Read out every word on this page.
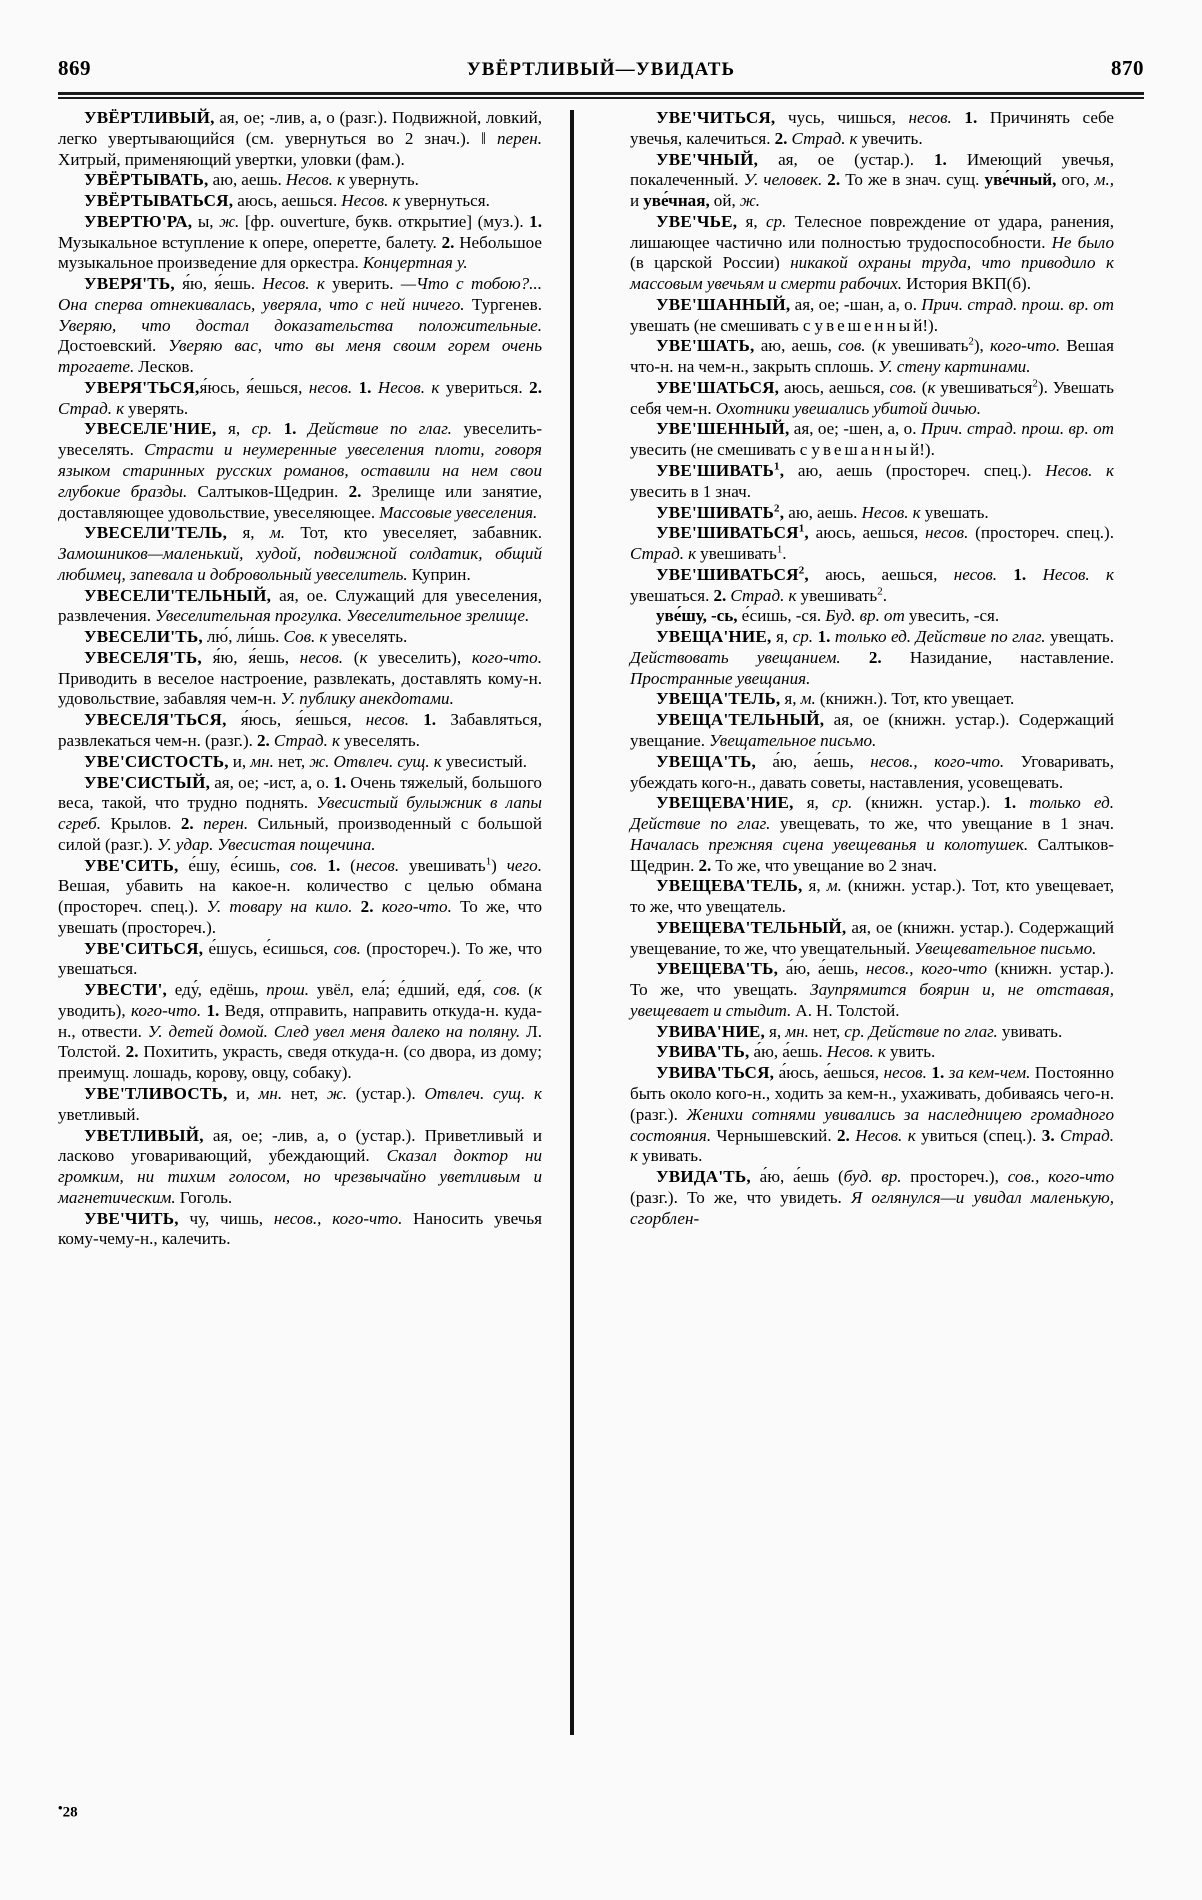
869	УВЁРТЛИВЫЙ—УВИДАТЬ	870

УВЁРТЛИВЫЙ, ая, ое; -лив, а, о (разг.). Подвижной, ловкий, легко увертывающийся (см. увернуться во 2 знач.). ‖ перен. Хитрый, применяющий увертки, уловки (фам.).

УВЁРТЫВАТЬ, аю, аешь. Несов. к увернуть.

УВЁРТЫВАТЬСЯ, аюсь, аешься. Несов. к увернуться.

УВЕРТЮ'РА, ы, ж. [фр. ouverture, букв. открытие] (муз.). 1. Музыкальное вступление к опере, оперетте, балету. 2. Небольшое музыкальное произведение для оркестра. Концертная у.

УВЕРЯ'ТЬ, я́ю, я́ешь. Несов. к уверить. —Что с тобою?... Она сперва отнекивалась, уверяла, что с ней ничего. Тургенев. Уверяю, что достал доказательства положительные. Достоевский. Уверяю вас, что вы меня своим горем очень трогаете. Лесков.

УВЕРЯ'ТЬСЯ,я́юсь, я́ешься, несов. 1. Несов. к увериться. 2. Страд. к уверять.

УВЕСЕЛЕ'НИЕ, я, ср. 1. Действие по глаг. увеселить-увеселять. Страсти и неумеренные увеселения плоти, говоря языком старинных русских романов, оставили на нем свои глубокие бразды. Салтыков-Щедрин. 2. Зрелище или занятие, доставляющее удовольствие, увеселяющее. Массовые увеселения.

УВЕСЕЛИ'ТЕЛЬ, я, м. Тот, кто увеселяет, забавник. Замошников—маленький, худой, подвижной солдатик, общий любимец, запевала и добровольный увеселитель. Куприн.

УВЕСЕЛИ'ТЕЛЬНЫЙ, ая, ое. Служащий для увеселения, развлечения. Увеселительная прогулка. Увеселительное зрелище.

УВЕСЕЛИ'ТЬ, лю́, ли́шь. Сов. к увеселять.

УВЕСЕЛЯ'ТЬ, я́ю, я́ешь, несов. (к увеселить), кого-что. Приводить в веселое настроение, развлекать, доставлять кому-н. удовольствие, забавляя чем-н. У. публику анекдотами.

УВЕСЕЛЯ'ТЬСЯ, я́юсь, я́ешься, несов. 1. Забавляться, развлекаться чем-н. (разг.). 2. Страд. к увеселять.

УВЕ'СИСТОСТЬ, и, мн. нет, ж. Отвлеч. сущ. к увесистый.

УВЕ'СИСТЫЙ, ая, ое; -ист, а, о. 1. Очень тяжелый, большого веса, такой, что трудно поднять. Увесистый булыжник в лапы сгреб. Крылов. 2. перен. Сильный, производенный с большой силой (разг.). У. удар. Увесистая пощечина.

УВЕ'СИТЬ, е́шу, е́сишь, сов. 1. (несов. увешивать$^1$) чего. Вешая, убавить на какое-н. количество с целью обмана (простореч. спец.). У. товару на кило. 2. кого-что. То же, что увешать (простореч.).

УВЕ'СИТЬСЯ, е́шусь, е́сишься, сов. (простореч.). То же, что увешаться.

УВЕСТИ', еду́, едёшь, прош. увёл, ела́; е́дший, едя́, сов. (к уводить), кого-что. 1. Ведя, отправить, направить откуда-н. куда-н., отвести. У. детей домой. След увел меня далеко на поляну. Л. Толстой. 2. Похитить, украсть, сведя откуда-н. (со двора, из дому; преимущ. лошадь, корову, овцу, собаку).

УВЕ'ТЛИВОСТЬ, и, мн. нет, ж. (устар.). Отвлеч. сущ. к уветливый.

УВЕТЛИВЫЙ, ая, ое; -лив, а, о (устар.). Приветливый и ласково уговаривающий, убеждающий. Сказал доктор ни громким, ни тихим голосом, но чрезвычайно уветливым и магнетическим. Гоголь.

УВЕ'ЧИТЬ, чу, чишь, несов., кого-что. Наносить увечья кому-чему-н., калечить.

УВЕ'ЧИТЬСЯ, чусь, чишься, несов. 1. Причинять себе увечья, калечиться. 2. Страд. к увечить.

УВЕ'ЧНЫЙ, ая, ое (устар.). 1. Имеющий увечья, покалеченный. У. человек. 2. То же в знач. сущ. уве́чный, ого, м., и уве́чная, ой, ж.

УВЕ'ЧЬЕ, я, ср. Телесное повреждение от удара, ранения, лишающее частично или полностью трудоспособности. Не было (в царской России) никакой охраны труда, что приводило к массовым увечьям и смерти рабочих. История ВКП(б).

УВЕ'ШАННЫЙ, ая, ое; -шан, а, о. Прич. страд. прош. вр. от увешать (не смешивать с увешенный!).

УВЕ'ШАТЬ, аю, аешь, сов. (к увешивать$^2$), кого-что. Вешая что-н. на чем-н., закрыть сплошь. У. стену картинами.

УВЕ'ШАТЬСЯ, аюсь, аешься, сов. (к увешиваться$^2$). Увешать себя чем-н. Охотники увешались убитой дичью.

УВЕ'ШЕННЫЙ, ая, ое; -шен, а, о. Прич. страд. прош. вр. от увесить (не смешивать с увешанный!).

УВЕ'ШИВАТЬ$^1$, аю, аешь (простореч. спец.). Несов. к увесить в 1 знач.

УВЕ'ШИВАТЬ$^2$, аю, аешь. Несов. к увешать.

УВЕ'ШИВАТЬСЯ$^1$, аюсь, аешься, несов. (простореч. спец.). Страд. к увешивать$^1$.

УВЕ'ШИВАТЬСЯ$^2$, аюсь, аешься, несов. 1. Несов. к увешаться. 2. Страд. к увешивать$^2$.

уве́шу, -сь, е́сишь, -ся. Буд. вр. от увесить, -ся.

УВЕЩА'НИЕ, я, ср. 1. только ед. Действие по глаг. увещать. Действовать увещанием. 2. Назидание, наставление. Пространные увещания.

УВЕЩА'ТЕЛЬ, я, м. (книжн.). Тот, кто увещает.

УВЕЩА'ТЕЛЬНЫЙ, ая, ое (книжн. устар.). Содержащий увещание. Увещательное письмо.

УВЕЩА'ТЬ, а́ю, а́ешь, несов., кого-что. Уговаривать, убеждать кого-н., давать советы, наставления, усовещевать.

УВЕЩЕВА'НИЕ, я, ср. (книжн. устар.). 1. только ед. Действие по глаг. увещевать, то же, что увещание в 1 знач. Началась прежняя сцена увещеванья и колотушек. Салтыков-Щедрин. 2. То же, что увещание во 2 знач.

УВЕЩЕВА'ТЕЛЬ, я, м. (книжн. устар.). Тот, кто увещевает, то же, что увещатель.

УВЕЩЕВА'ТЕЛЬНЫЙ, ая, ое (книжн. устар.). Содержащий увещевание, то же, что увещательный. Увещевательное письмо.

УВЕЩЕВА'ТЬ, а́ю, а́ешь, несов., кого-что (книжн. устар.). То же, что увещать. Заупрямится боярин и, не отставая, увещевает и стыдит. А. Н. Толстой.

УВИВА'НИЕ, я, мн. нет, ср. Действие по глаг. увивать.

УВИВА'ТЬ, а́ю, а́ешь. Несов. к увить.

УВИВА'ТЬСЯ, а́юсь, а́ешься, несов. 1. за кем-чем. Постоянно быть около кого-н., ходить за кем-н., ухаживать, добиваясь чего-н. (разг.). Женихи сотнями увивались за наследницею громадного состояния. Чернышевский. 2. Несов. к увиться (спец.). 3. Страд. к увивать.

УВИДА'ТЬ, а́ю, а́ешь (буд. вр. простореч.), сов., кого-что (разг.). То же, что увидеть. Я оглянулся—и увидал маленькую, сгорблен-

•28
